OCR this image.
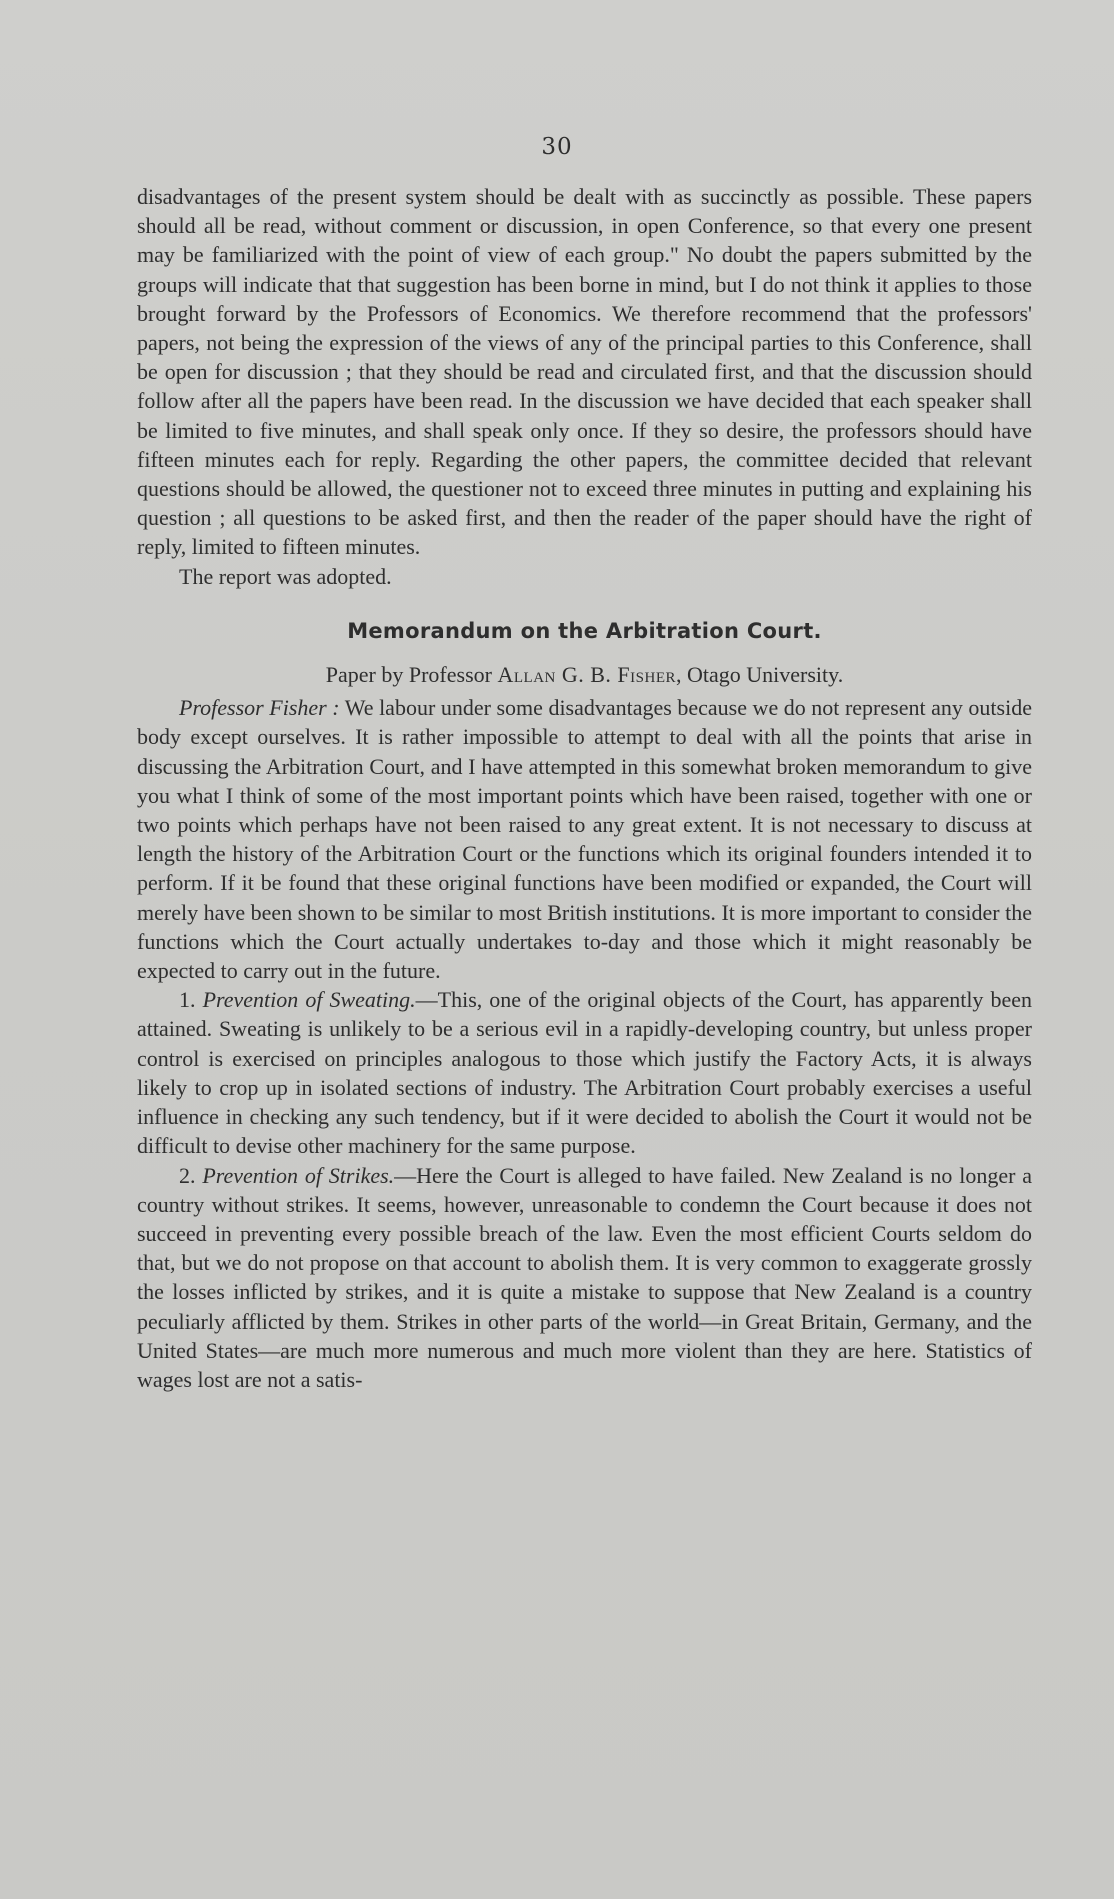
30

disadvantages of the present system should be dealt with as succinctly as possible. These papers should all be read, without comment or discussion, in open Conference, so that every one present may be familiarized with the point of view of each group." No doubt the papers submitted by the groups will indicate that that suggestion has been borne in mind, but I do not think it applies to those brought forward by the Professors of Economics. We therefore recommend that the professors' papers, not being the expression of the views of any of the principal parties to this Conference, shall be open for discussion ; that they should be read and circulated first, and that the discussion should follow after all the papers have been read. In the discussion we have decided that each speaker shall be limited to five minutes, and shall speak only once. If they so desire, the professors should have fifteen minutes each for reply. Regarding the other papers, the committee decided that relevant questions should be allowed, the questioner not to exceed three minutes in putting and explaining his question ; all questions to be asked first, and then the reader of the paper should have the right of reply, limited to fifteen minutes.

The report was adopted.

Memorandum on the Arbitration Court.

Paper by Professor Allan G. B. Fisher, Otago University.

Professor Fisher : We labour under some disadvantages because we do not represent any outside body except ourselves. It is rather impossible to attempt to deal with all the points that arise in discussing the Arbitration Court, and I have attempted in this somewhat broken memorandum to give you what I think of some of the most important points which have been raised, together with one or two points which perhaps have not been raised to any great extent. It is not necessary to discuss at length the history of the Arbitration Court or the functions which its original founders intended it to perform. If it be found that these original functions have been modified or expanded, the Court will merely have been shown to be similar to most British institutions. It is more important to consider the functions which the Court actually undertakes to-day and those which it might reasonably be expected to carry out in the future.

1. Prevention of Sweating.—This, one of the original objects of the Court, has apparently been attained. Sweating is unlikely to be a serious evil in a rapidly-developing country, but unless proper control is exercised on principles analogous to those which justify the Factory Acts, it is always likely to crop up in isolated sections of industry. The Arbitration Court probably exercises a useful influence in checking any such tendency, but if it were decided to abolish the Court it would not be difficult to devise other machinery for the same purpose.

2. Prevention of Strikes.—Here the Court is alleged to have failed. New Zealand is no longer a country without strikes. It seems, however, unreasonable to condemn the Court because it does not succeed in preventing every possible breach of the law. Even the most efficient Courts seldom do that, but we do not propose on that account to abolish them. It is very common to exaggerate grossly the losses inflicted by strikes, and it is quite a mistake to suppose that New Zealand is a country peculiarly afflicted by them. Strikes in other parts of the world—in Great Britain, Germany, and the United States—are much more numerous and much more violent than they are here. Statistics of wages lost are not a satis-
